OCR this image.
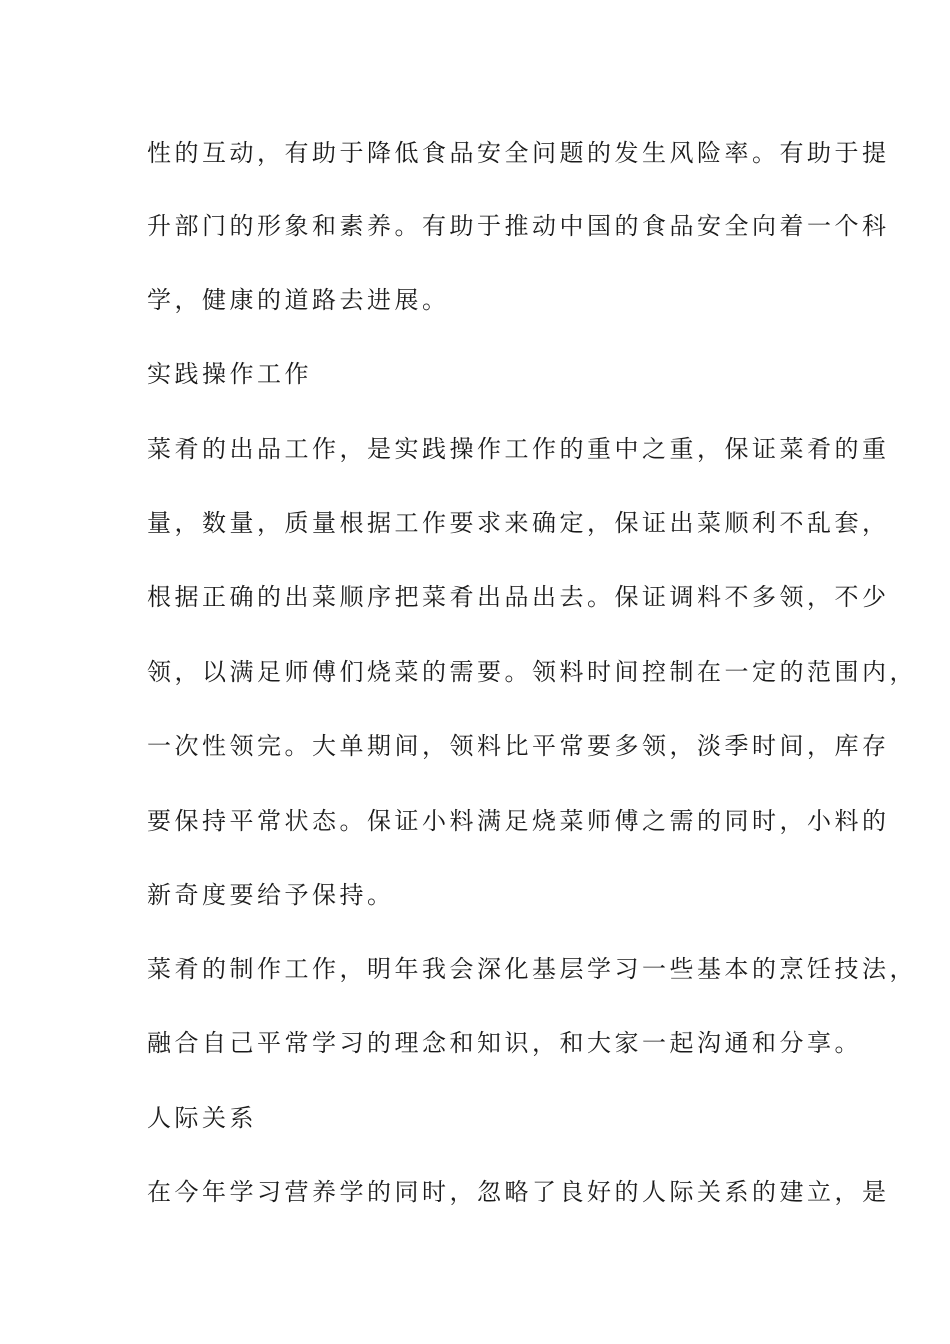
性的互动，有助于降低食品安全问题的发生风险率。有助于提
升部门的形象和素养。有助于推动中国的食品安全向着一个科
学，健康的道路去进展。
实践操作工作
菜肴的出品工作，是实践操作工作的重中之重，保证菜肴的重
量，数量，质量根据工作要求来确定，保证出菜顺利不乱套，
根据正确的出菜顺序把菜肴出品出去。保证调料不多领，不少
领，以满足师傅们烧菜的需要。领料时间控制在一定的范围内，
一次性领完。大单期间，领料比平常要多领，淡季时间，库存
要保持平常状态。保证小料满足烧菜师傅之需的同时，小料的
新奇度要给予保持。
菜肴的制作工作，明年我会深化基层学习一些基本的烹饪技法，
融合自己平常学习的理念和知识，和大家一起沟通和分享。
人际关系
在今年学习营养学的同时，忽略了良好的人际关系的建立，是
